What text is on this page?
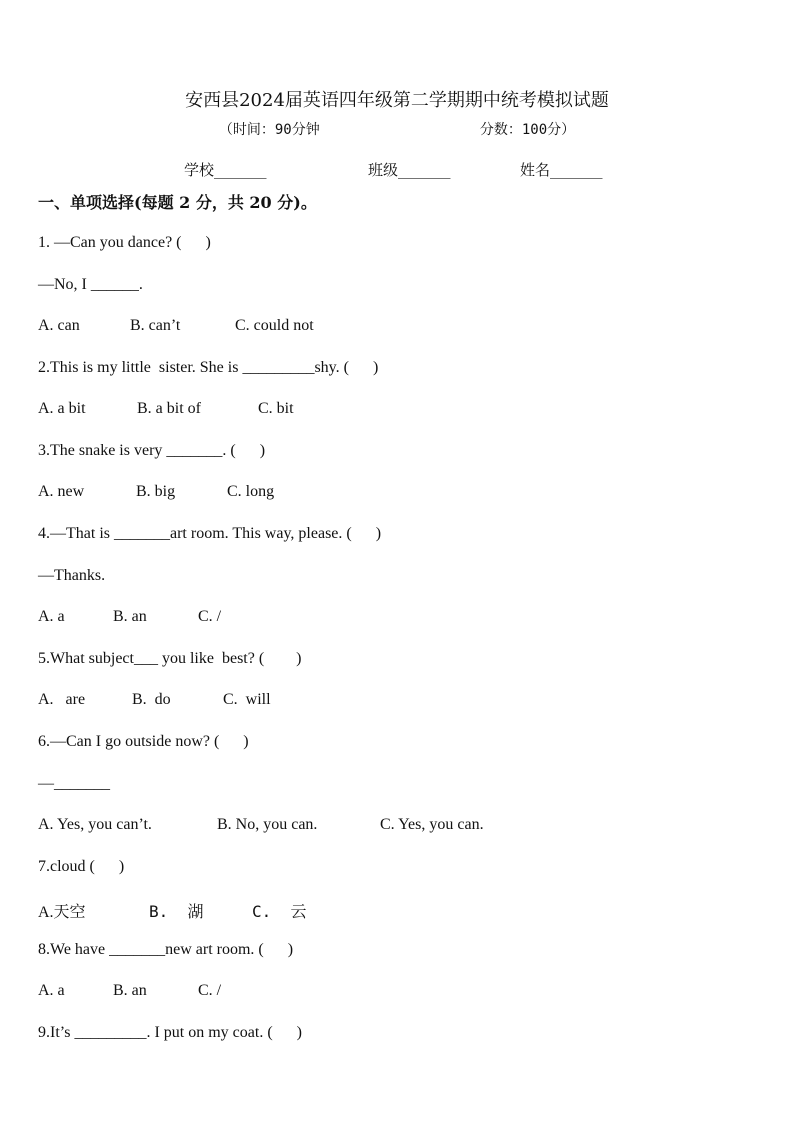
安西县2024届英语四年级第二学期期中统考模拟试题
（时间：90分钟                   分数：100分）
学校_______	班级_______	姓名_______
一、单项选择(每题 2 分，共 20 分)。
1. —Can you dance? (      )
—No, I ______.

A. can

	B. can’t

	C. could not

2.This is my little  sister. She is _________shy. (      )

A. a bit

	B. a bit of

	C. bit

3.The snake is very _______. (      )

A. new

	B. big

	C. long

4.—That is _______art room. This way, please. (      )
—Thanks.

A. a

	B. an

	C. /

5.What subject___ you like  best? (        )

A.   are

	B.  do

	C.  will

6.—Can I go outside now? (      )
—_______

A. Yes, you can’t.

	B. No, you can.

	C. Yes, you can.

7.cloud (      )

A.天空

	B.  湖

	C.  云

8.We have _______new art room. (      )

A. a

	B. an

	C. /

9.It’s _________. I put on my coat. (      )
